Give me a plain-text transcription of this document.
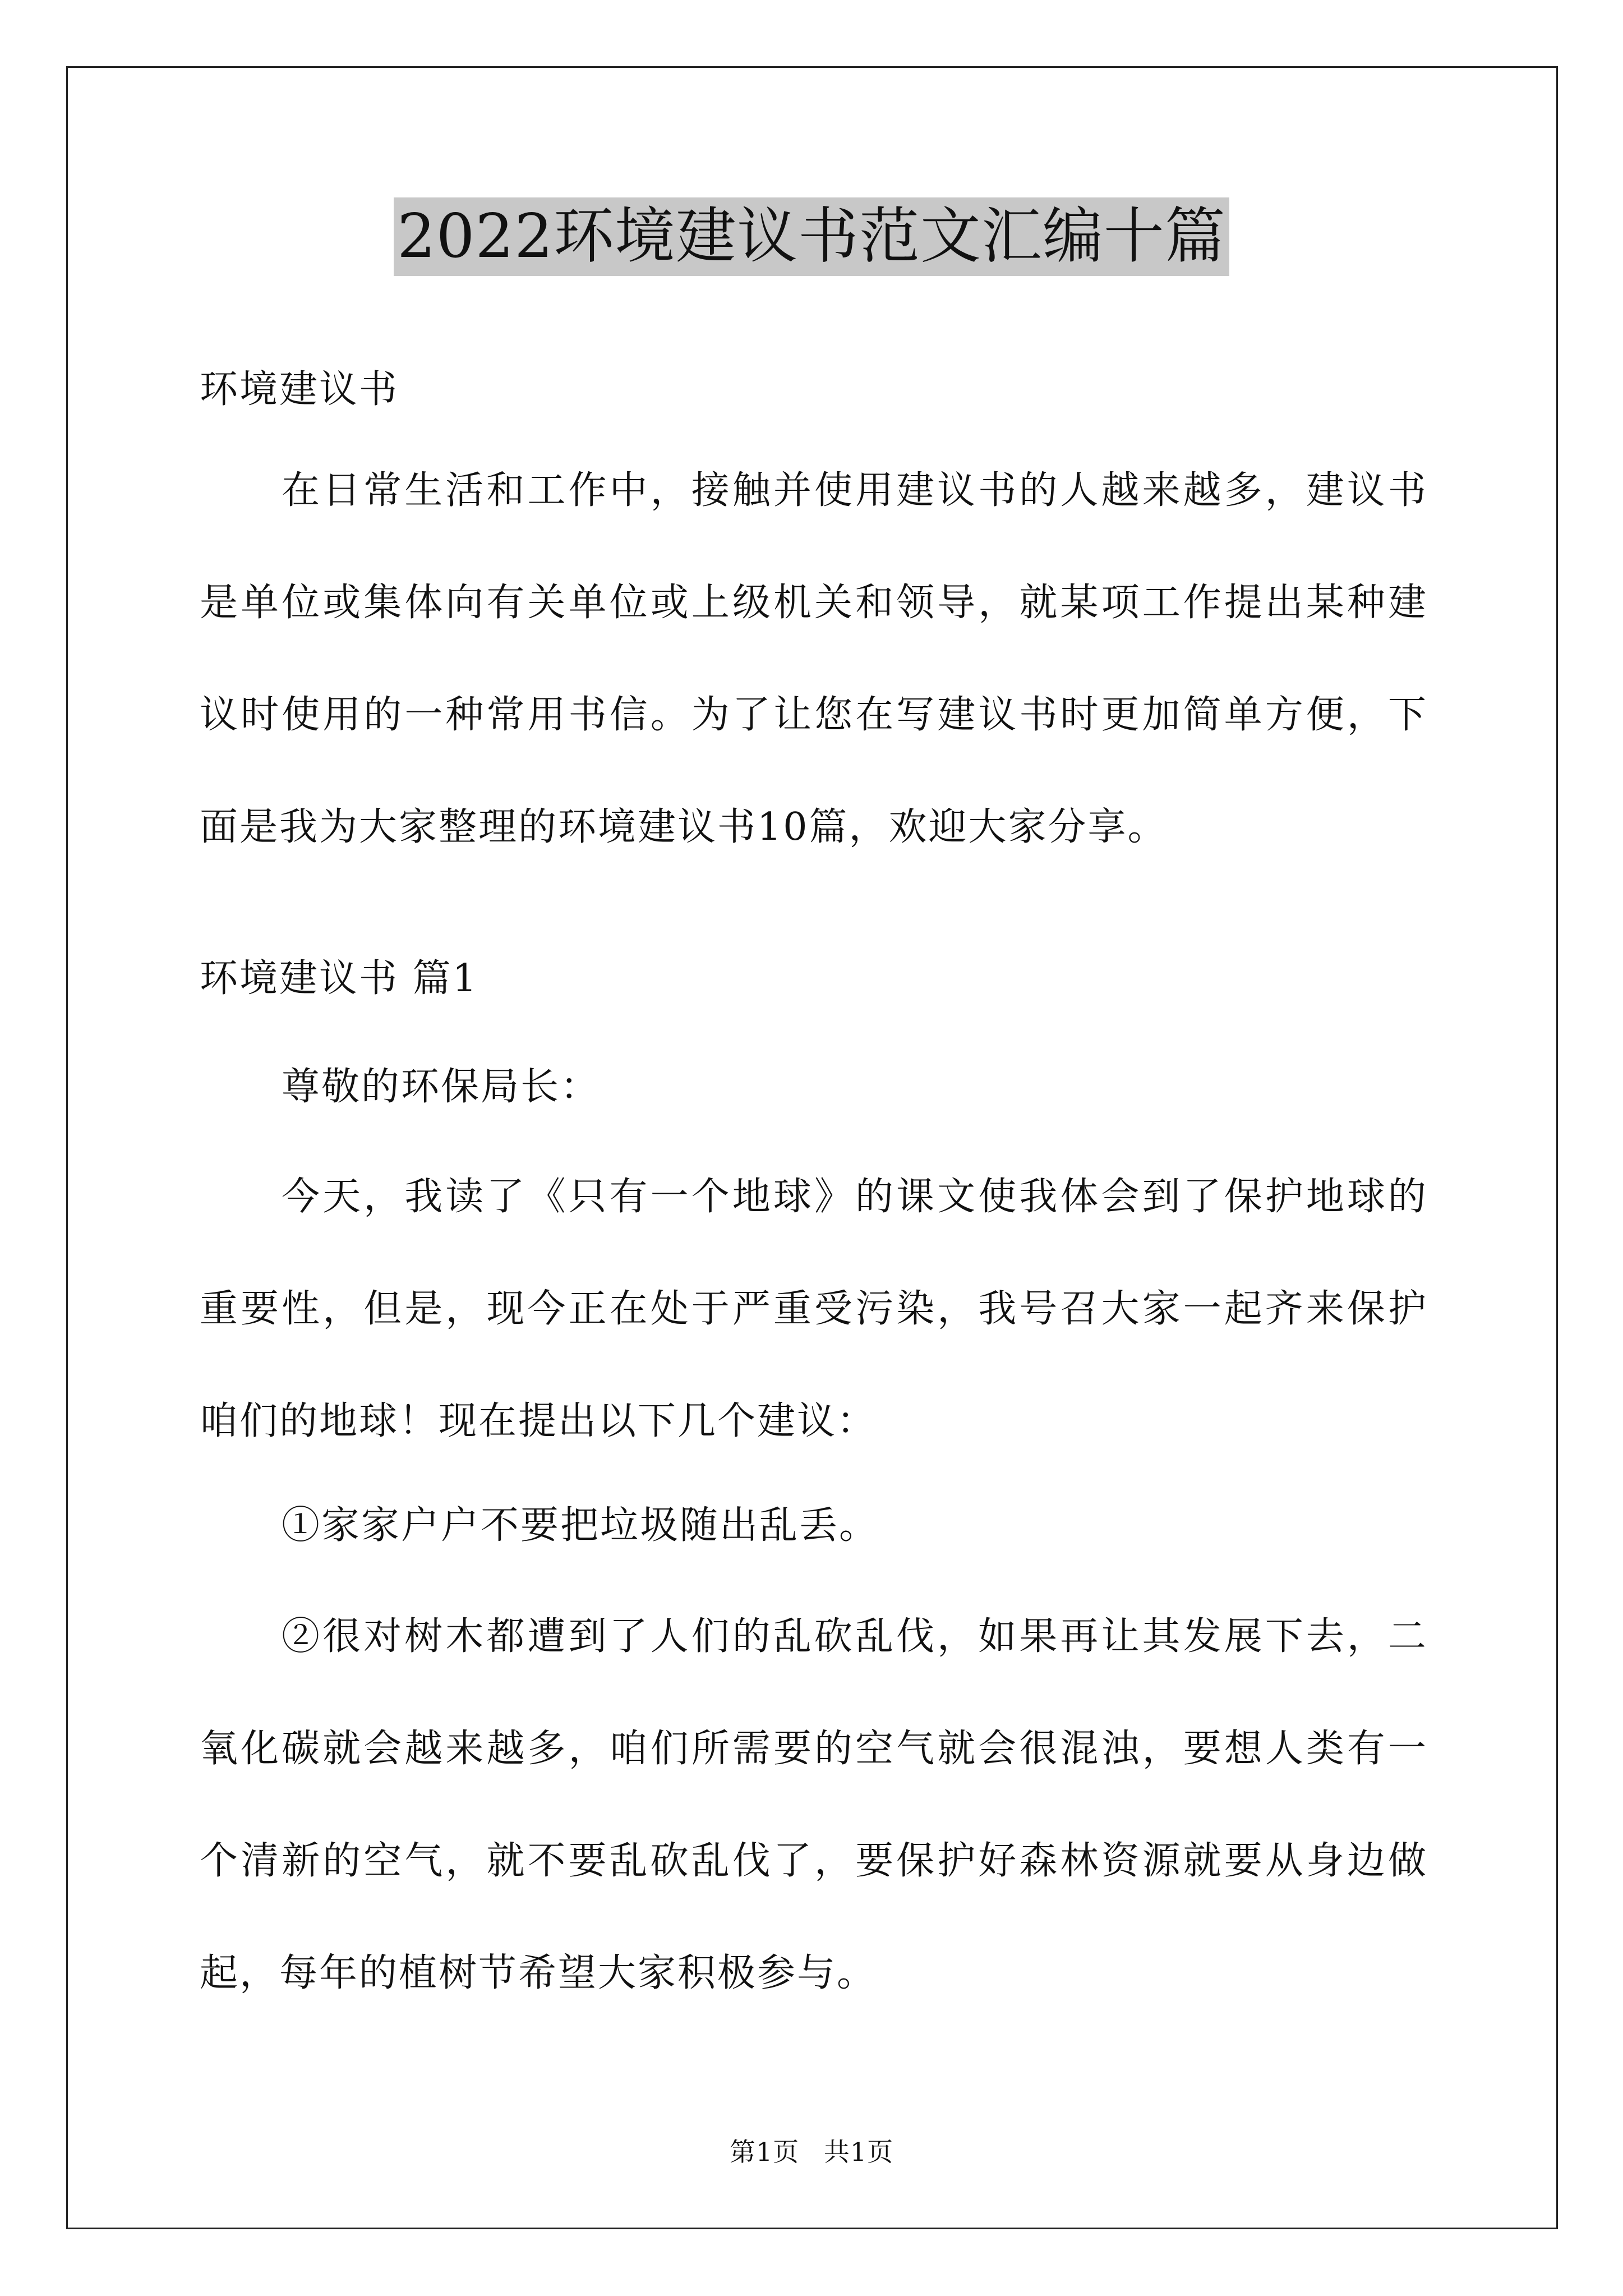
2022环境建议书范文汇编十篇

环境建议书

在日常生活和工作中，接触并使用建议书的人越来越多，建议书是单位或集体向有关单位或上级机关和领导，就某项工作提出某种建议时使用的一种常用书信。为了让您在写建议书时更加简单方便，下面是我为大家整理的环境建议书10篇，欢迎大家分享。

环境建议书 篇1

尊敬的环保局长：

今天，我读了《只有一个地球》的课文使我体会到了保护地球的重要性，但是，现今正在处于严重受污染，我号召大家一起齐来保护咱们的地球！现在提出以下几个建议：

①家家户户不要把垃圾随出乱丢。

②很对树木都遭到了人们的乱砍乱伐，如果再让其发展下去，二氧化碳就会越来越多，咱们所需要的空气就会很混浊，要想人类有一个清新的空气，就不要乱砍乱伐了，要保护好森林资源就要从身边做起，每年的植树节希望大家积极参与。

第1页 共1页
